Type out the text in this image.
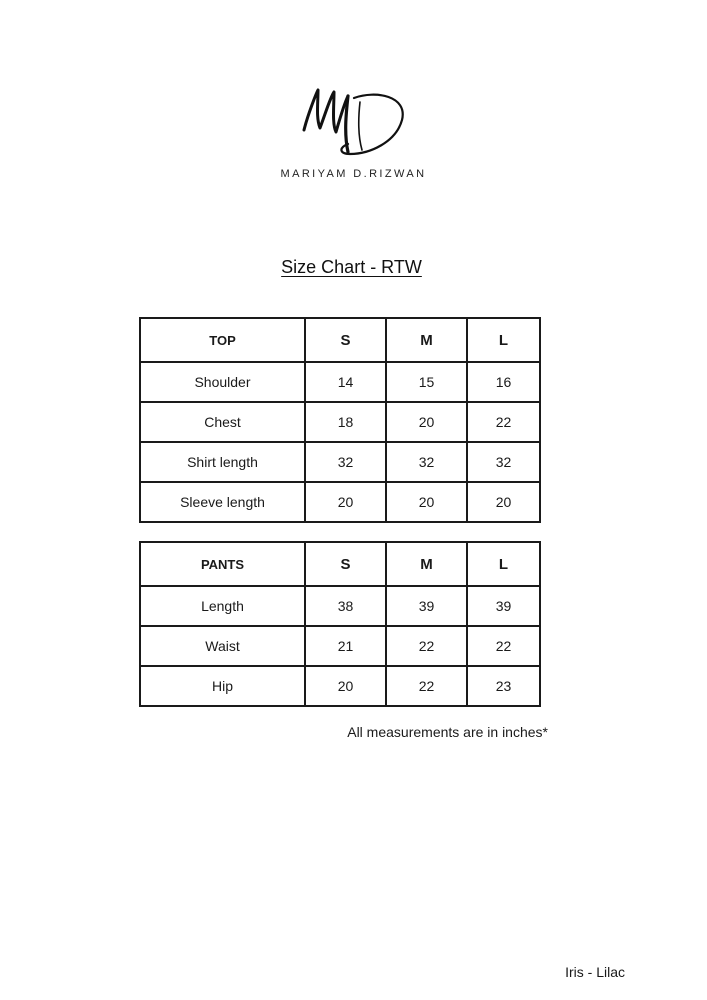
MARIYAM D.RIZWAN
Size Chart - RTW
TOP	S	M	L
Shoulder	14	15	16
Chest	18	20	22
Shirt length	32	32	32
Sleeve length	20	20	20
PANTS	S	M	L
Length	38	39	39
Waist	21	22	22
Hip	20	22	23
All measurements are in inches*
Iris - Lilac
